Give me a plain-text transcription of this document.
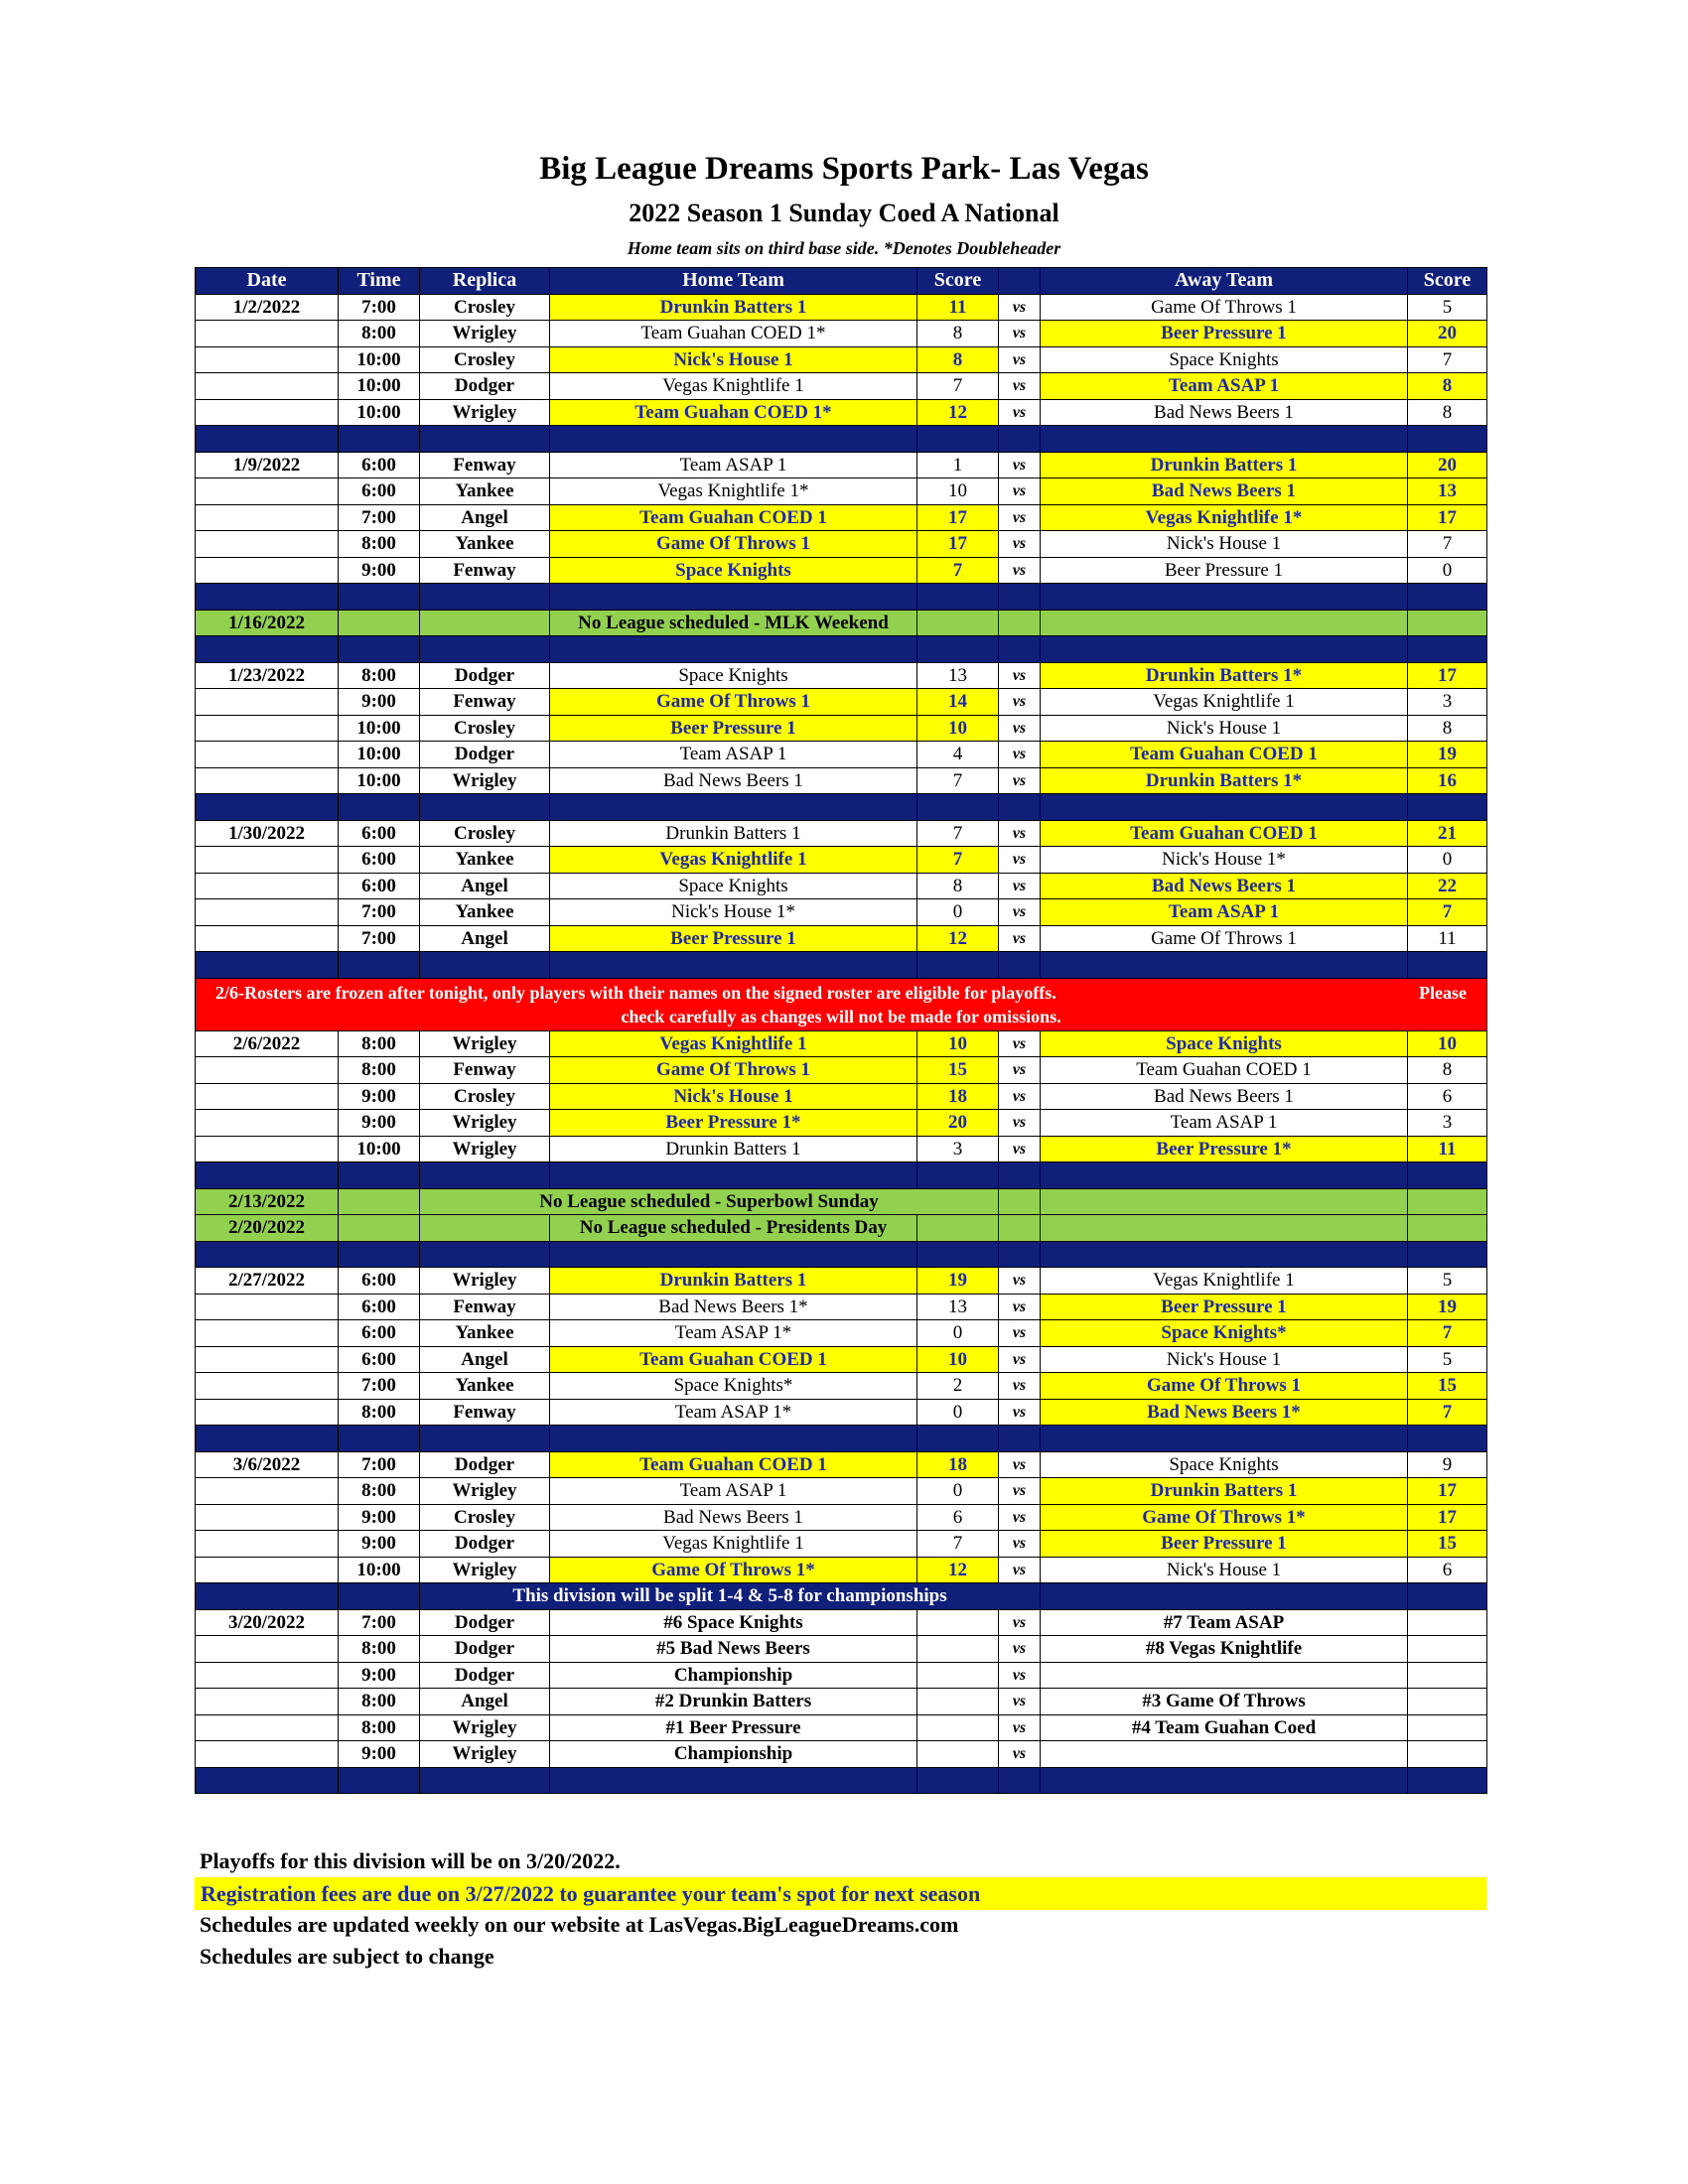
Big League Dreams Sports Park- Las Vegas
2022 Season 1 Sunday Coed A National
Home team sits on third base side. *Denotes Doubleheader
Date	Time	Replica	Home Team	Score		Away Team	Score
1/2/2022	7:00	Crosley	Drunkin Batters 1	11	vs	Game Of Throws 1	5
	8:00	Wrigley	Team Guahan COED 1*	8	vs	Beer Pressure 1	20
	10:00	Crosley	Nick's House 1	8	vs	Space Knights	7
	10:00	Dodger	Vegas Knightlife 1	7	vs	Team ASAP 1	8
	10:00	Wrigley	Team Guahan COED 1*	12	vs	Bad News Beers 1	8

1/9/2022	6:00	Fenway	Team ASAP 1	1	vs	Drunkin Batters 1	20
	6:00	Yankee	Vegas Knightlife 1*	10	vs	Bad News Beers 1	13
	7:00	Angel	Team Guahan COED 1	17	vs	Vegas Knightlife 1*	17
	8:00	Yankee	Game Of Throws 1	17	vs	Nick's House 1	7
	9:00	Fenway	Space Knights	7	vs	Beer Pressure 1	0

1/16/2022			No League scheduled - MLK Weekend				

1/23/2022	8:00	Dodger	Space Knights	13	vs	Drunkin Batters 1*	17
	9:00	Fenway	Game Of Throws 1	14	vs	Vegas Knightlife 1	3
	10:00	Crosley	Beer Pressure 1	10	vs	Nick's House 1	8
	10:00	Dodger	Team ASAP 1	4	vs	Team Guahan COED 1	19
	10:00	Wrigley	Bad News Beers 1	7	vs	Drunkin Batters 1*	16

1/30/2022	6:00	Crosley	Drunkin Batters 1	7	vs	Team Guahan COED 1	21
	6:00	Yankee	Vegas Knightlife 1	7	vs	Nick's House 1*	0
	6:00	Angel	Space Knights	8	vs	Bad News Beers 1	22
	7:00	Yankee	Nick's House 1*	0	vs	Team ASAP 1	7
	7:00	Angel	Beer Pressure 1	12	vs	Game Of Throws 1	11

2/6-Rosters are frozen after tonight, only players with their names on the signed roster are eligible for playoffs. Please
check carefully as changes will not be made for omissions.							

2/6/2022	8:00	Wrigley	Vegas Knightlife 1	10	vs	Space Knights	10
	8:00	Fenway	Game Of Throws 1	15	vs	Team Guahan COED 1	8
	9:00	Crosley	Nick's House 1	18	vs	Bad News Beers 1	6
	9:00	Wrigley	Beer Pressure 1*	20	vs	Team ASAP 1	3
	10:00	Wrigley	Drunkin Batters 1	3	vs	Beer Pressure 1*	11

2/13/2022		No League scheduled - Superbowl Sunday					
2/20/2022			No League scheduled - Presidents Day				

2/27/2022	6:00	Wrigley	Drunkin Batters 1	19	vs	Vegas Knightlife 1	5
	6:00	Fenway	Bad News Beers 1*	13	vs	Beer Pressure 1	19
	6:00	Yankee	Team ASAP 1*	0	vs	Space Knights*	7
	6:00	Angel	Team Guahan COED 1	10	vs	Nick's House 1	5
	7:00	Yankee	Space Knights*	2	vs	Game Of Throws 1	15
	8:00	Fenway	Team ASAP 1*	0	vs	Bad News Beers 1*	7

3/6/2022	7:00	Dodger	Team Guahan COED 1	18	vs	Space Knights	9
	8:00	Wrigley	Team ASAP 1	0	vs	Drunkin Batters 1	17
	9:00	Crosley	Bad News Beers 1	6	vs	Game Of Throws 1*	17
	9:00	Dodger	Vegas Knightlife 1	7	vs	Beer Pressure 1	15
	10:00	Wrigley	Game Of Throws 1*	12	vs	Nick's House 1	6
		This division will be split 1-4 & 5-8 for championships					
3/20/2022	7:00	Dodger	#6 Space Knights		vs	#7 Team ASAP	
	8:00	Dodger	#5 Bad News Beers		vs	#8 Vegas Knightlife	
	9:00	Dodger	Championship		vs		
	8:00	Angel	#2 Drunkin Batters		vs	#3 Game Of Throws	
	8:00	Wrigley	#1 Beer Pressure		vs	#4 Team Guahan Coed	
	9:00	Wrigley	Championship		vs		

Playoffs for this division will be on 3/20/2022.
Registration fees are due on 3/27/2022 to guarantee your team's spot for next season
Schedules are updated weekly on our website at LasVegas.BigLeagueDreams.com
Schedules are subject to change
